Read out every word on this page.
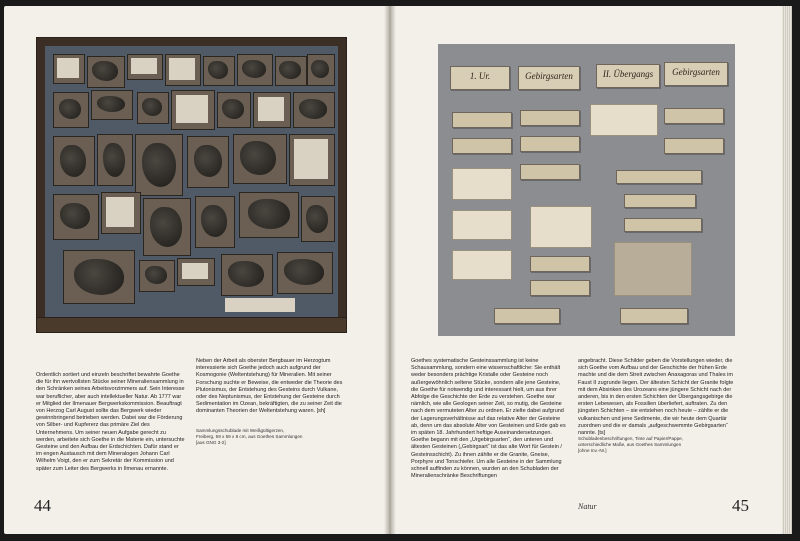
1. Ur.	Gebirgsarten	II. Übergangs	Gebirgsarten
Ordentlich sortiert und einzeln beschriftet bewahrte Goethe die für ihn wertvollsten Stücke seiner Mineraliensammlung in den Schränken seines Arbeitsvorzimmers auf. Sein Interesse war beruflicher, aber auch intellektueller Natur. Ab 1777 war er Mitglied der Ilmenauer Bergwerkskommission. Beauftragt von Herzog Carl August sollte das Bergwerk wieder gewinnbringend betrieben werden. Dabei war die Förderung von Silber- und Kupfererz das primäre Ziel des Unternehmens. Um seiner neuen Aufgabe gerecht zu werden, arbeitete sich Goethe in die Materie ein, untersuchte Gesteine und den Aufbau der Erdschichten. Dafür stand er im engen Austausch mit dem Mineralogen Johann Carl Wilhelm Voigt, den er zum Sekretär der Kommission und später zum Leiter des Bergwerks in Ilmenau ernannte.
Neben der Arbeit als oberster Bergbauer im Herzogtum interessierte sich Goethe jedoch auch aufgrund der Kosmogonie (Weltentstehung) für Mineralien. Mit seiner Forschung suchte er Beweise, die entweder die Theorie des Plutonismus, der Entstehung des Gesteins durch Vulkane, oder des Neptunismus, der Entstehung der Gesteine durch Sedimentation im Ozean, bekräftigten, die zu seiner Zeit die dominanten Theorien der Weltentstehung waren. [sh]
Sammlungsschublade mit Weißgültigerzen,
Freiberg, 59 x 59 x 8 cm, aus Goethes Sammlungen
[aus GNG 3-2]
44
Goethes systematische Gesteinssammlung ist keine Schausammlung, sondern eine wissenschaftliche: Sie enthält weder besonders prächtige Kristalle oder Gesteine noch außergewöhnlich seltene Stücke, sondern alle jene Gesteine, die Goethe für notwendig und interessant hielt, um aus ihrer Abfolge die Geschichte der Erde zu verstehen. Goethe war nämlich, wie alle Geologen seiner Zeit, so mutig, die Gesteine nach dem vermuteten Alter zu ordnen. Er zielte dabei aufgrund der Lagerungsverhältnisse auf das relative Alter der Gesteine ab, denn um das absolute Alter von Gesteinen und Erde gab es im späten 18. Jahrhundert heftige Auseinandersetzungen. Goethe begann mit den „Urgebirgsarten“, den unteren und ältesten Gesteinen („Gebirgsart“ ist das alte Wort für Gestein / Gesteinsschicht). Zu ihnen zählte er die Granite, Gneise, Porphyre und Tonschiefer. Um alle Gesteine in der Sammlung schnell auffinden zu können, wurden an den Schubladen der Mineralienschränke Beschriftungen
angebracht. Diese Schilder geben die Vorstellungen wieder, die sich Goethe vom Aufbau und der Geschichte der frühen Erde machte und die dem Streit zwischen Anaxagoras und Thales im Faust II zugrunde liegen. Der ältesten Schicht der Granite folgte mit dem Absinken des Urozeans eine jüngere Schicht nach der anderen, bis in den ersten Schichten der Übergangsgebirge die ersten Lebewesen, als Fossilien überliefert, auftraten. Zu den jüngsten Schichten – sie entstehen noch heute – zählte er die vulkanischen und jene Sedimente, die wir heute dem Quartär zuordnen und die er damals „aufgeschwemmte Gebirgsarten“ nannte. [ts]
Schubladenbeschriftungen, Tinte auf Papier/Pappe,
unterschiedliche Maße, aus Goethes Sammlungen
[ohne Inv.-Nr.]
Natur	45
